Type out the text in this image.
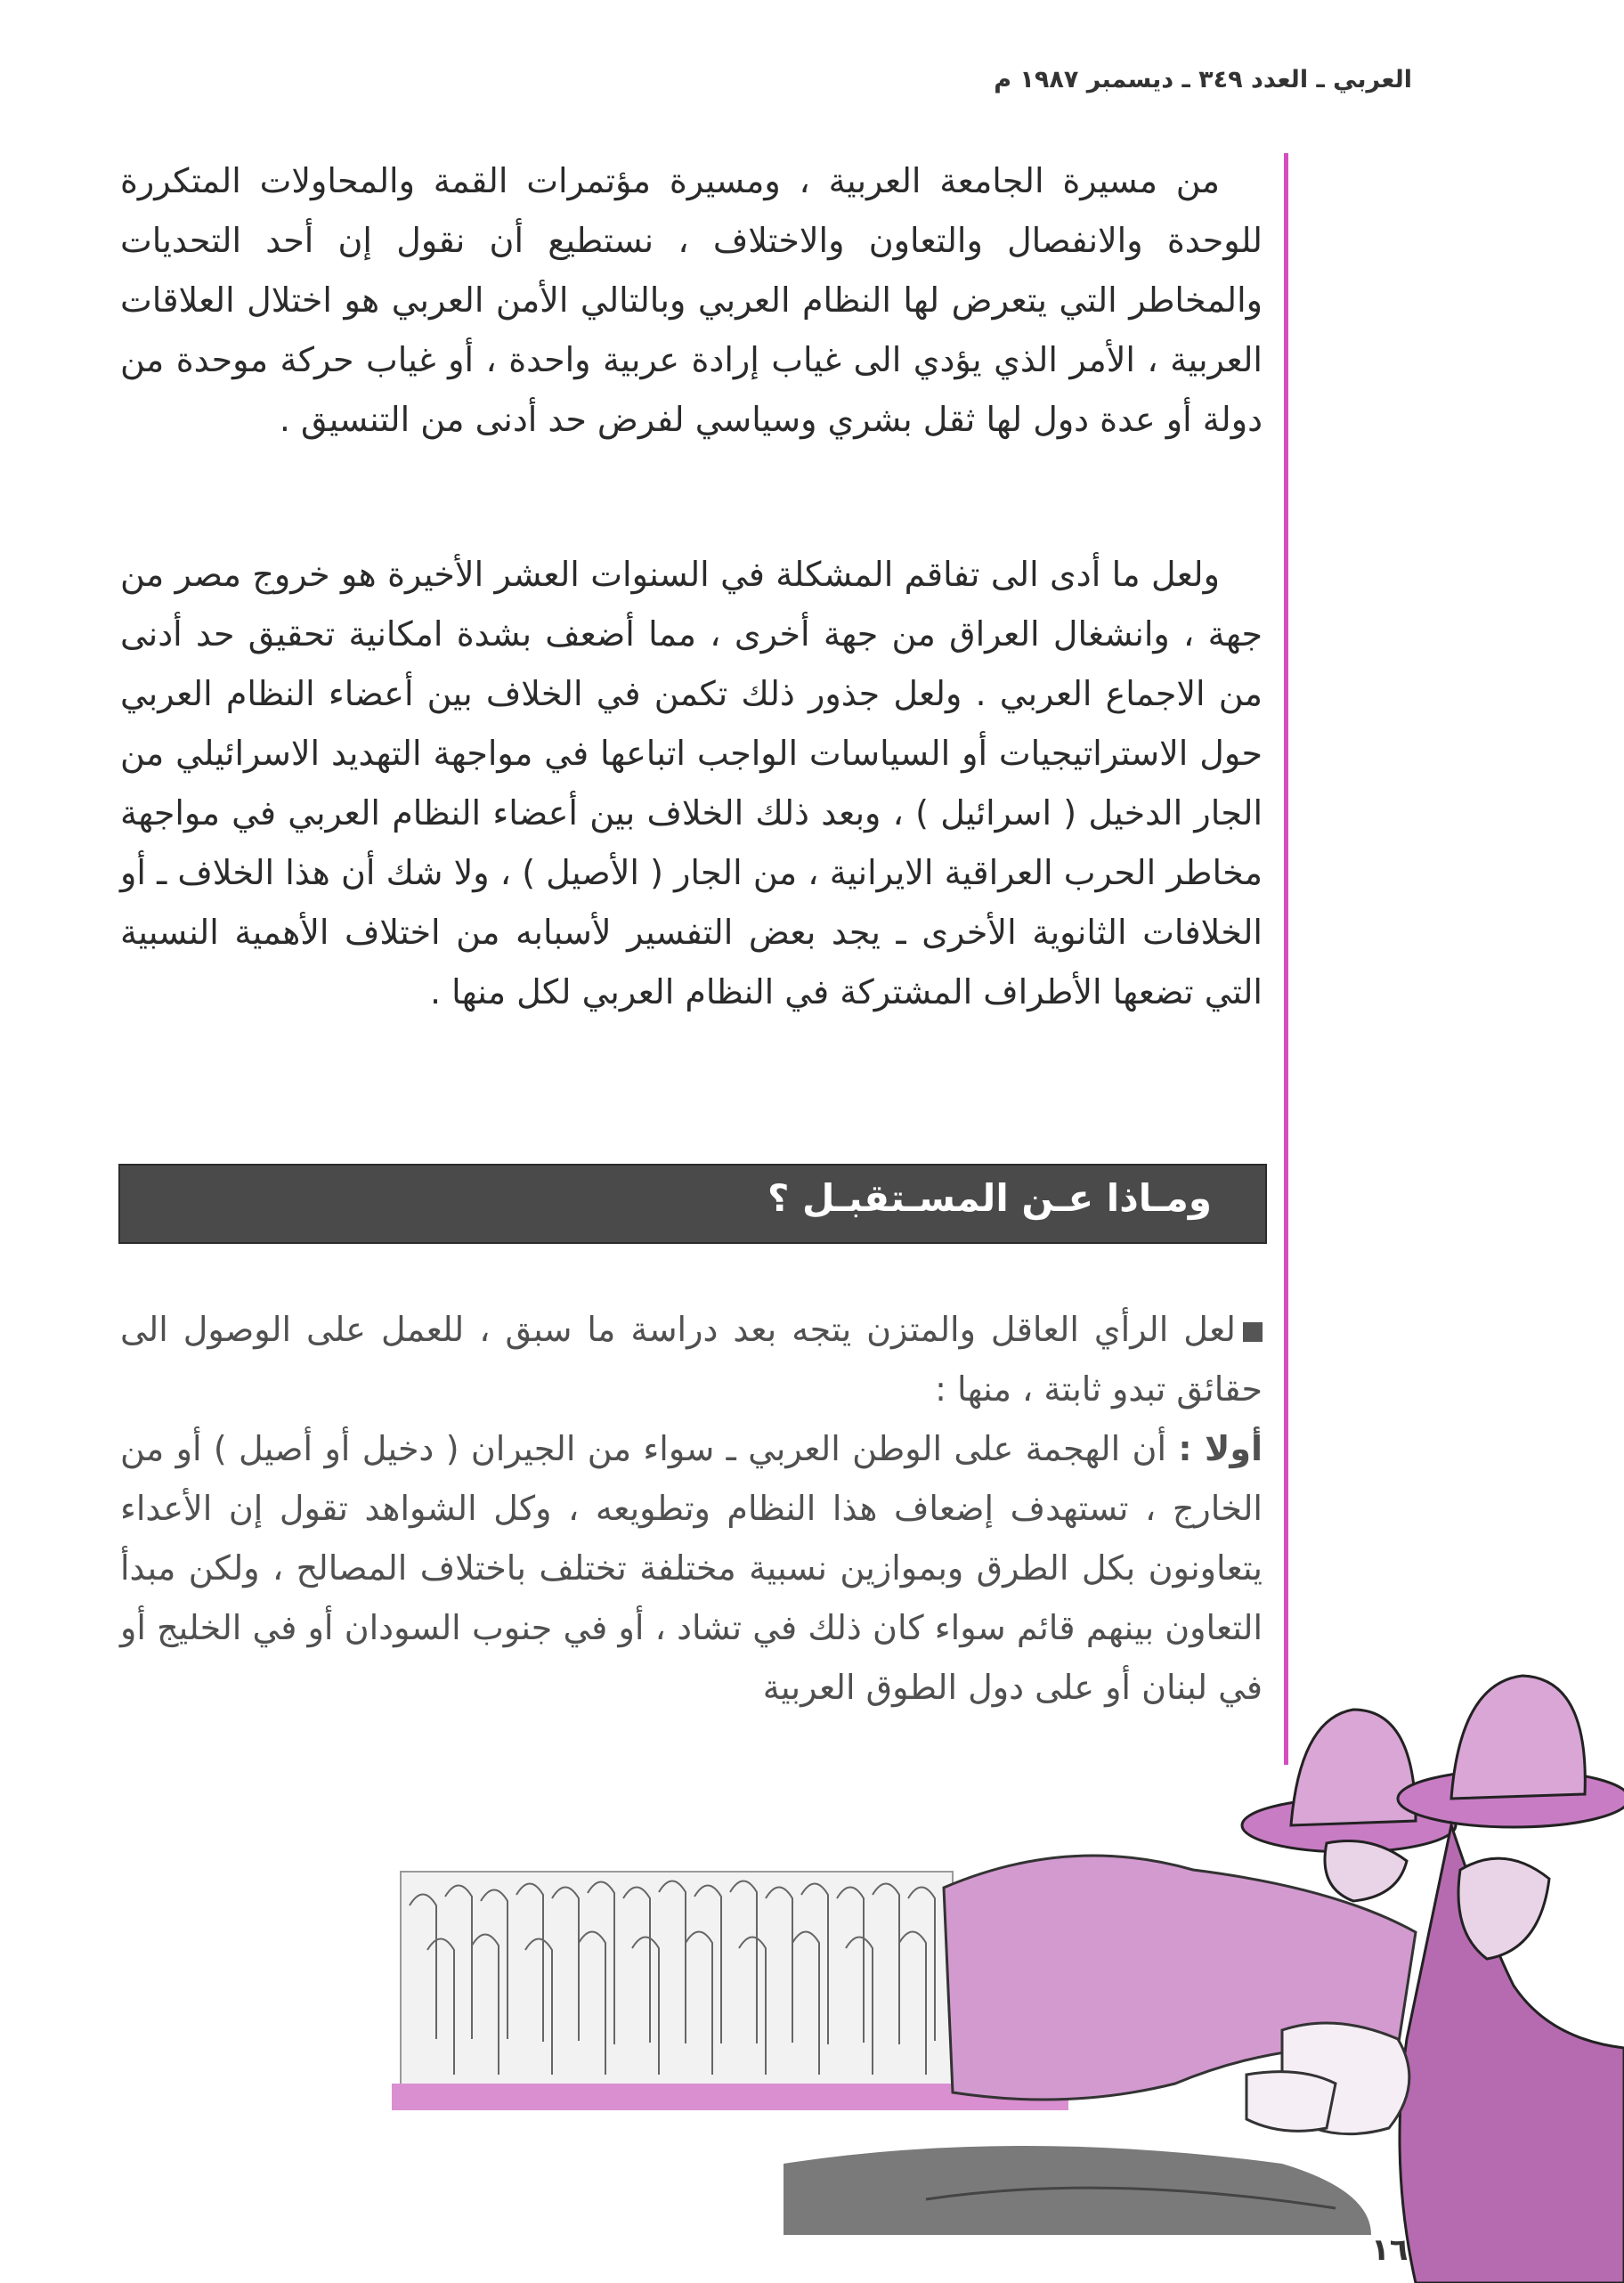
العربي ـ العدد ٣٤٩ ـ ديسمبر ١٩٨٧ م

من مسيرة الجامعة العربية ، ومسيرة مؤتمرات القمة والمحاولات المتكررة للوحدة والانفصال والتعاون والاختلاف ، نستطيع أن نقول إن أحد التحديات والمخاطر التي يتعرض لها النظام العربي وبالتالي الأمن العربي هو اختلال العلاقات العربية ، الأمر الذي يؤدي الى غياب إرادة عربية واحدة ، أو غياب حركة موحدة من دولة أو عدة دول لها ثقل بشري وسياسي لفرض حد أدنى من التنسيق .

ولعل ما أدى الى تفاقم المشكلة في السنوات العشر الأخيرة هو خروج مصر من جهة ، وانشغال العراق من جهة أخرى ، مما أضعف بشدة امكانية تحقيق حد أدنى من الاجماع العربي . ولعل جذور ذلك تكمن في الخلاف بين أعضاء النظام العربي حول الاستراتيجيات أو السياسات الواجب اتباعها في مواجهة التهديد الاسرائيلي من الجار الدخيل ( اسرائيل ) ، وبعد ذلك الخلاف بين أعضاء النظام العربي في مواجهة مخاطر الحرب العراقية الايرانية ، من الجار ( الأصيل ) ، ولا شك أن هذا الخلاف ـ أو الخلافات الثانوية الأخرى ـ يجد بعض التفسير لأسبابه من اختلاف الأهمية النسبية التي تضعها الأطراف المشتركة في النظام العربي لكل منها .

ومـاذا عـن المسـتقبـل ؟

لعل الرأي العاقل والمتزن يتجه بعد دراسة ما سبق ، للعمل على الوصول الى حقائق تبدو ثابتة ، منها :

أولا : أن الهجمة على الوطن العربي ـ سواء من الجيران ( دخيل أو أصيل ) أو من الخارج ، تستهدف إضعاف هذا النظام وتطويعه ، وكل الشواهد تقول إن الأعداء يتعاونون بكل الطرق وبموازين نسبية مختلفة تختلف باختلاف المصالح ، ولكن مبدأ التعاون بينهم قائم سواء كان ذلك في تشاد ، أو في جنوب السودان أو في الخليج أو في لبنان أو على دول الطوق العربية

١٦
